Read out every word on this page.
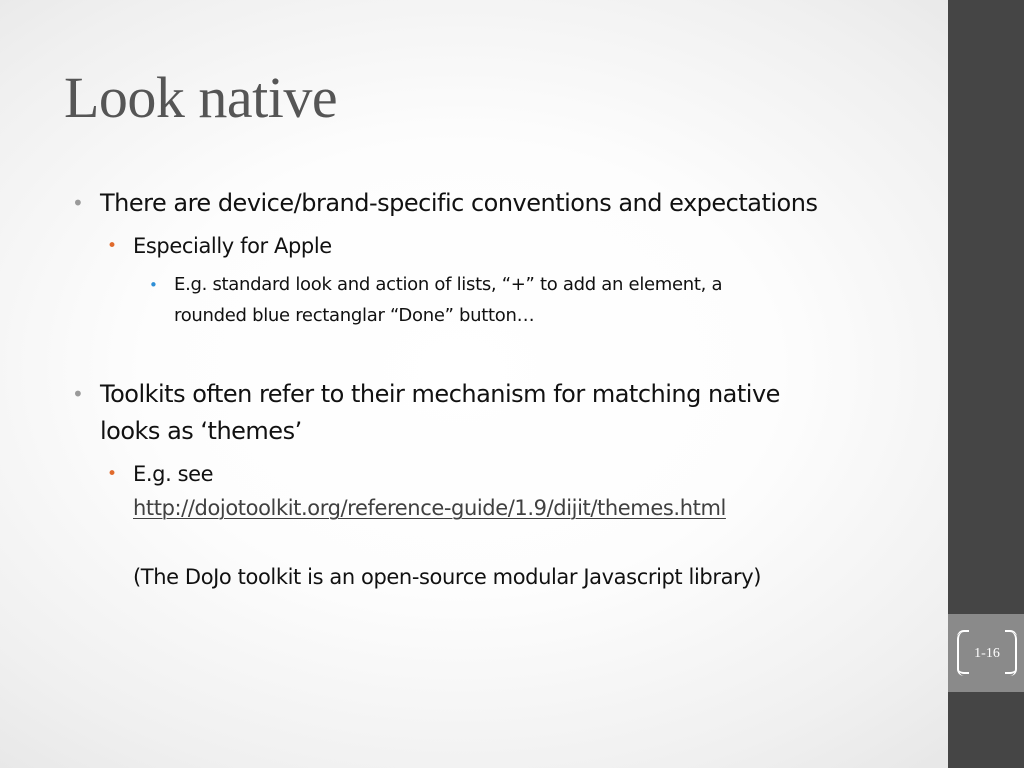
Look native
• There are device/brand-specific conventions and expectations
• Especially for Apple
• E.g. standard look and action of lists, “+” to add an element, a
rounded blue rectanglar “Done” button…
• Toolkits often refer to their mechanism for matching native
looks as ‘themes’
• E.g. see
http://dojotoolkit.org/reference-guide/1.9/dijit/themes.html
(The DoJo toolkit is an open-source modular Javascript library)
1-16
